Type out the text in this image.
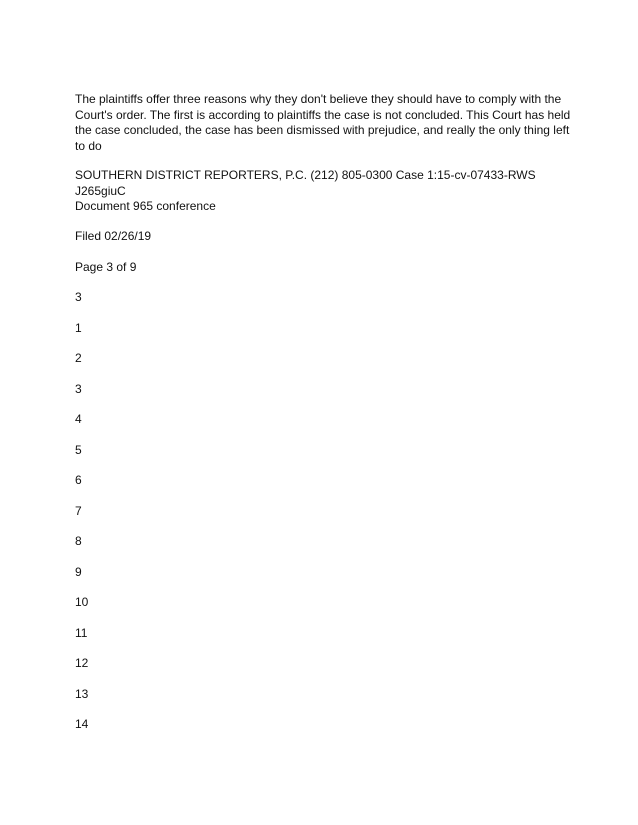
The plaintiffs offer three reasons why they don't believe they should have to comply with the Court's order. The first is according to plaintiffs the case is not concluded. This Court has held the case concluded, the case has been dismissed with prejudice, and really the only thing left to do

SOUTHERN DISTRICT REPORTERS, P.C. (212) 805-0300 Case 1:15-cv-07433-RWS J265giuC
Document 965 conference
Filed 02/26/19
Page 3 of 9
3
1
2
3
4
5
6
7
8
9
10
11
12
13
14
